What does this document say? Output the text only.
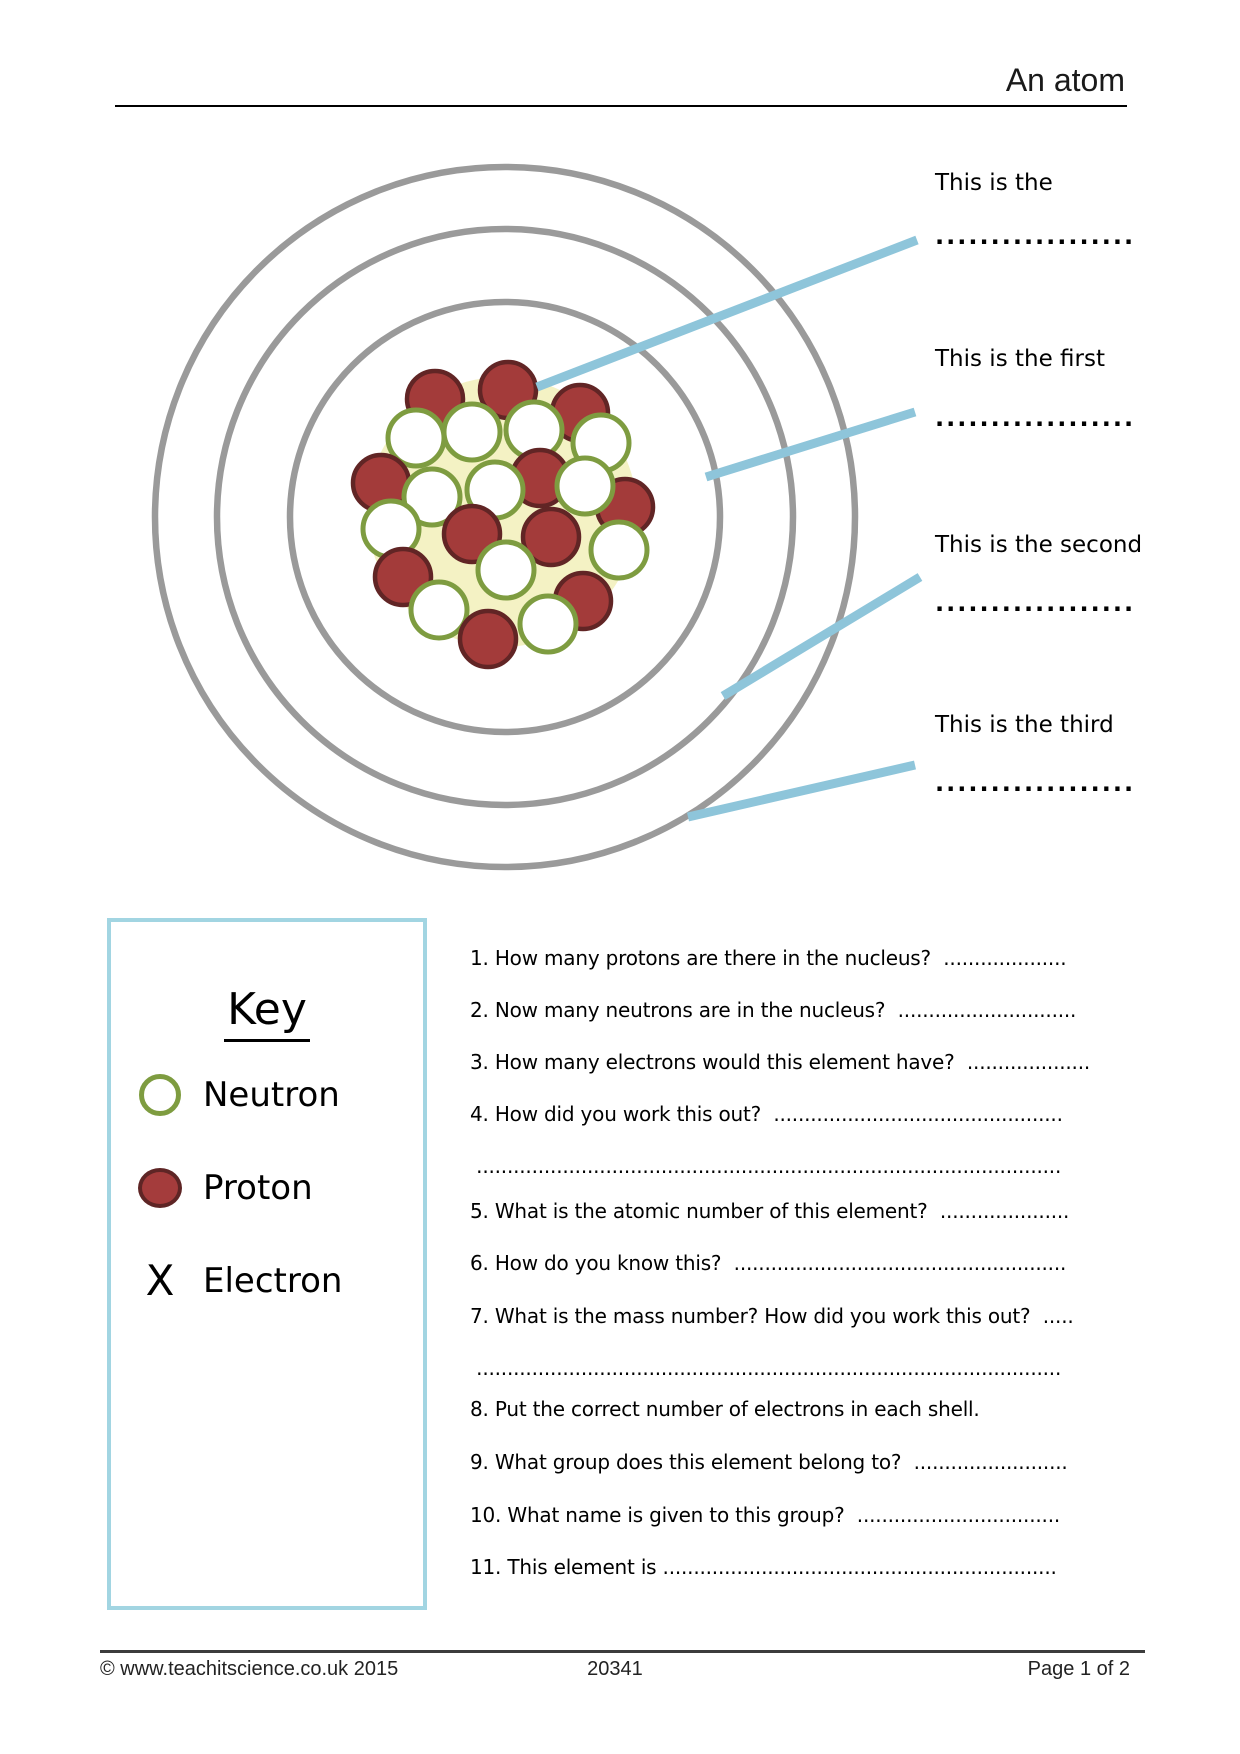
An atom
This is the
..................
This is the first
..................
This is the second
..................
This is the third
..................
Key
Neutron
Proton
X Electron
1. How many protons are there in the nucleus?  ....................
2. Now many neutrons are in the nucleus?  .............................
3. How many electrons would this element have?  ....................
4. How did you work this out?  ...............................................
...............................................................................................
5. What is the atomic number of this element?  .....................
6. How do you know this?  ......................................................
7. What is the mass number? How did you work this out?  .....
...............................................................................................
8. Put the correct number of electrons in each shell.
9. What group does this element belong to?  .........................
10. What name is given to this group?  .................................
11. This element is ................................................................
© www.teachitscience.co.uk 2015	20341	Page 1 of 2
